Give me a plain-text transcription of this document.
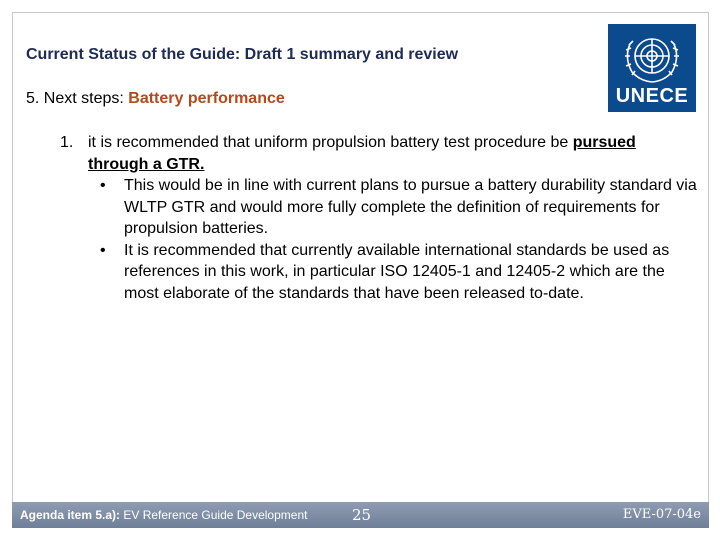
Current Status of the Guide: Draft 1 summary and review
5. Next steps: Battery performance	UNECE
1. it is recommended that uniform propulsion battery test procedure be pursued through a GTR.
• This would be in line with current plans to pursue a battery durability standard via WLTP GTR and would more fully complete the definition of requirements for propulsion batteries.
• It is recommended that currently available international standards be used as references in this work, in particular ISO 12405-1 and 12405-2 which are the most elaborate of the standards that have been released to-date.
Agenda item 5.a): EV Reference Guide Development	25	EVE-07-04e
